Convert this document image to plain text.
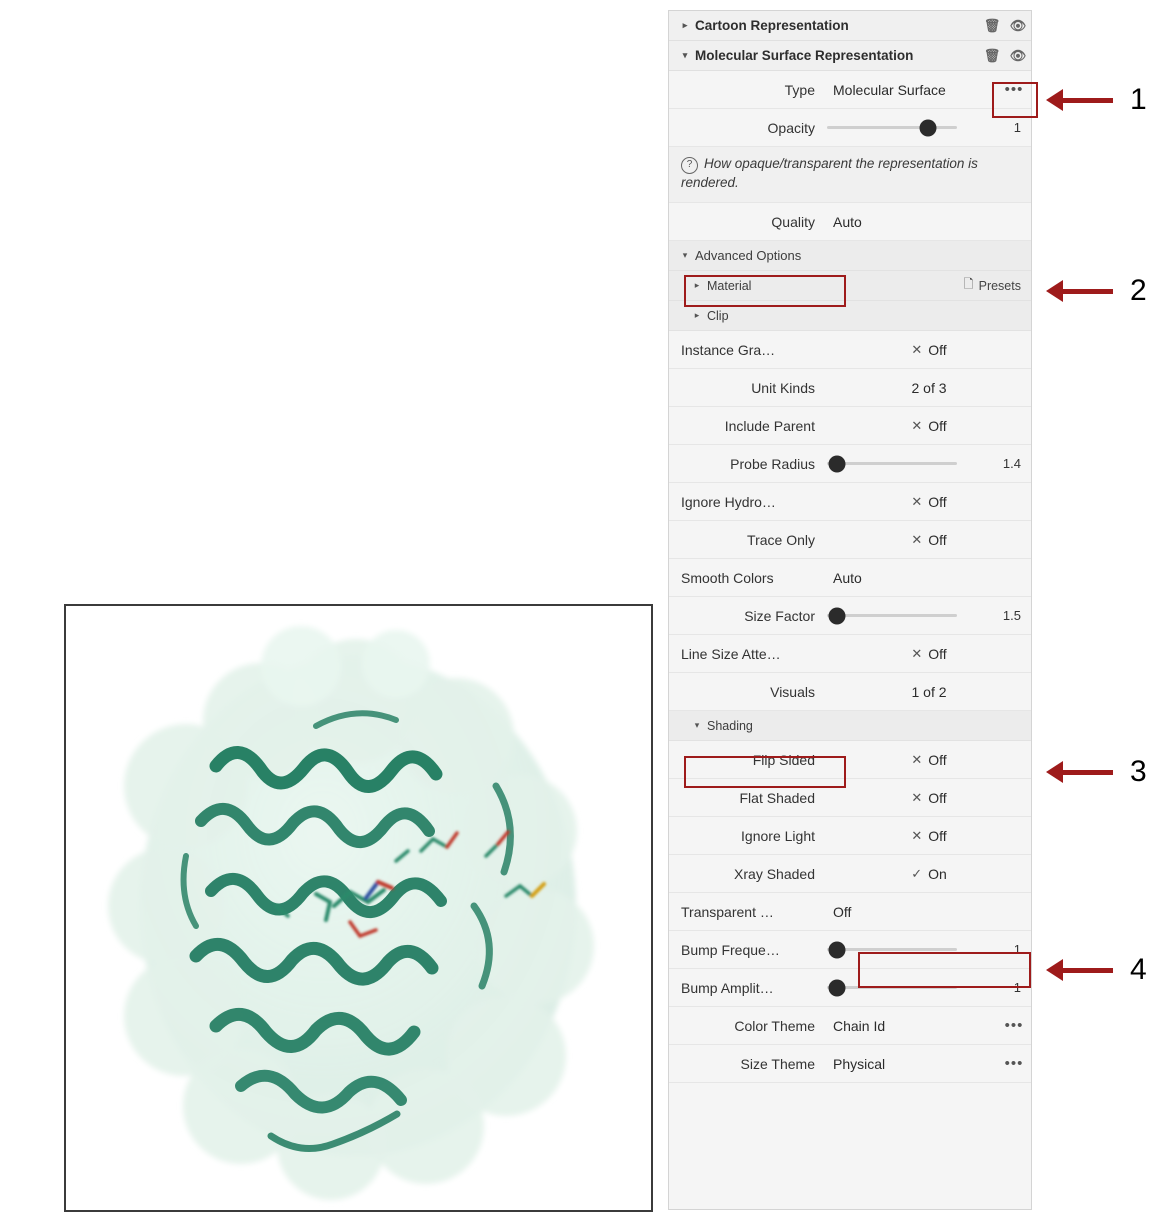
▸ Cartoon Representation	🗑 👁
▾ Molecular Surface Representation	🗑 👁
Type	Molecular Surface	•••
Opacity	1
? How opaque/transparent the representation is rendered.
Quality	Auto
▾ Advanced Options
▸ Material	🗋 Presets
▸ Clip
Instance Gra…	✕ Off
Unit Kinds	2 of 3
Include Parent	✕ Off
Probe Radius	1.4
Ignore Hydro…	✕ Off
Trace Only	✕ Off
Smooth Colors	Auto
Size Factor	1.5
Line Size Atte…	✕ Off
Visuals	1 of 2
▾ Shading
Flip Sided	✕ Off
Flat Shaded	✕ Off
Ignore Light	✕ Off
Xray Shaded	✓ On
Transparent …	Off
Bump Freque…	1
Bump Amplit…	1
Color Theme	Chain Id	•••
Size Theme	Physical	•••
1
2
3
4
